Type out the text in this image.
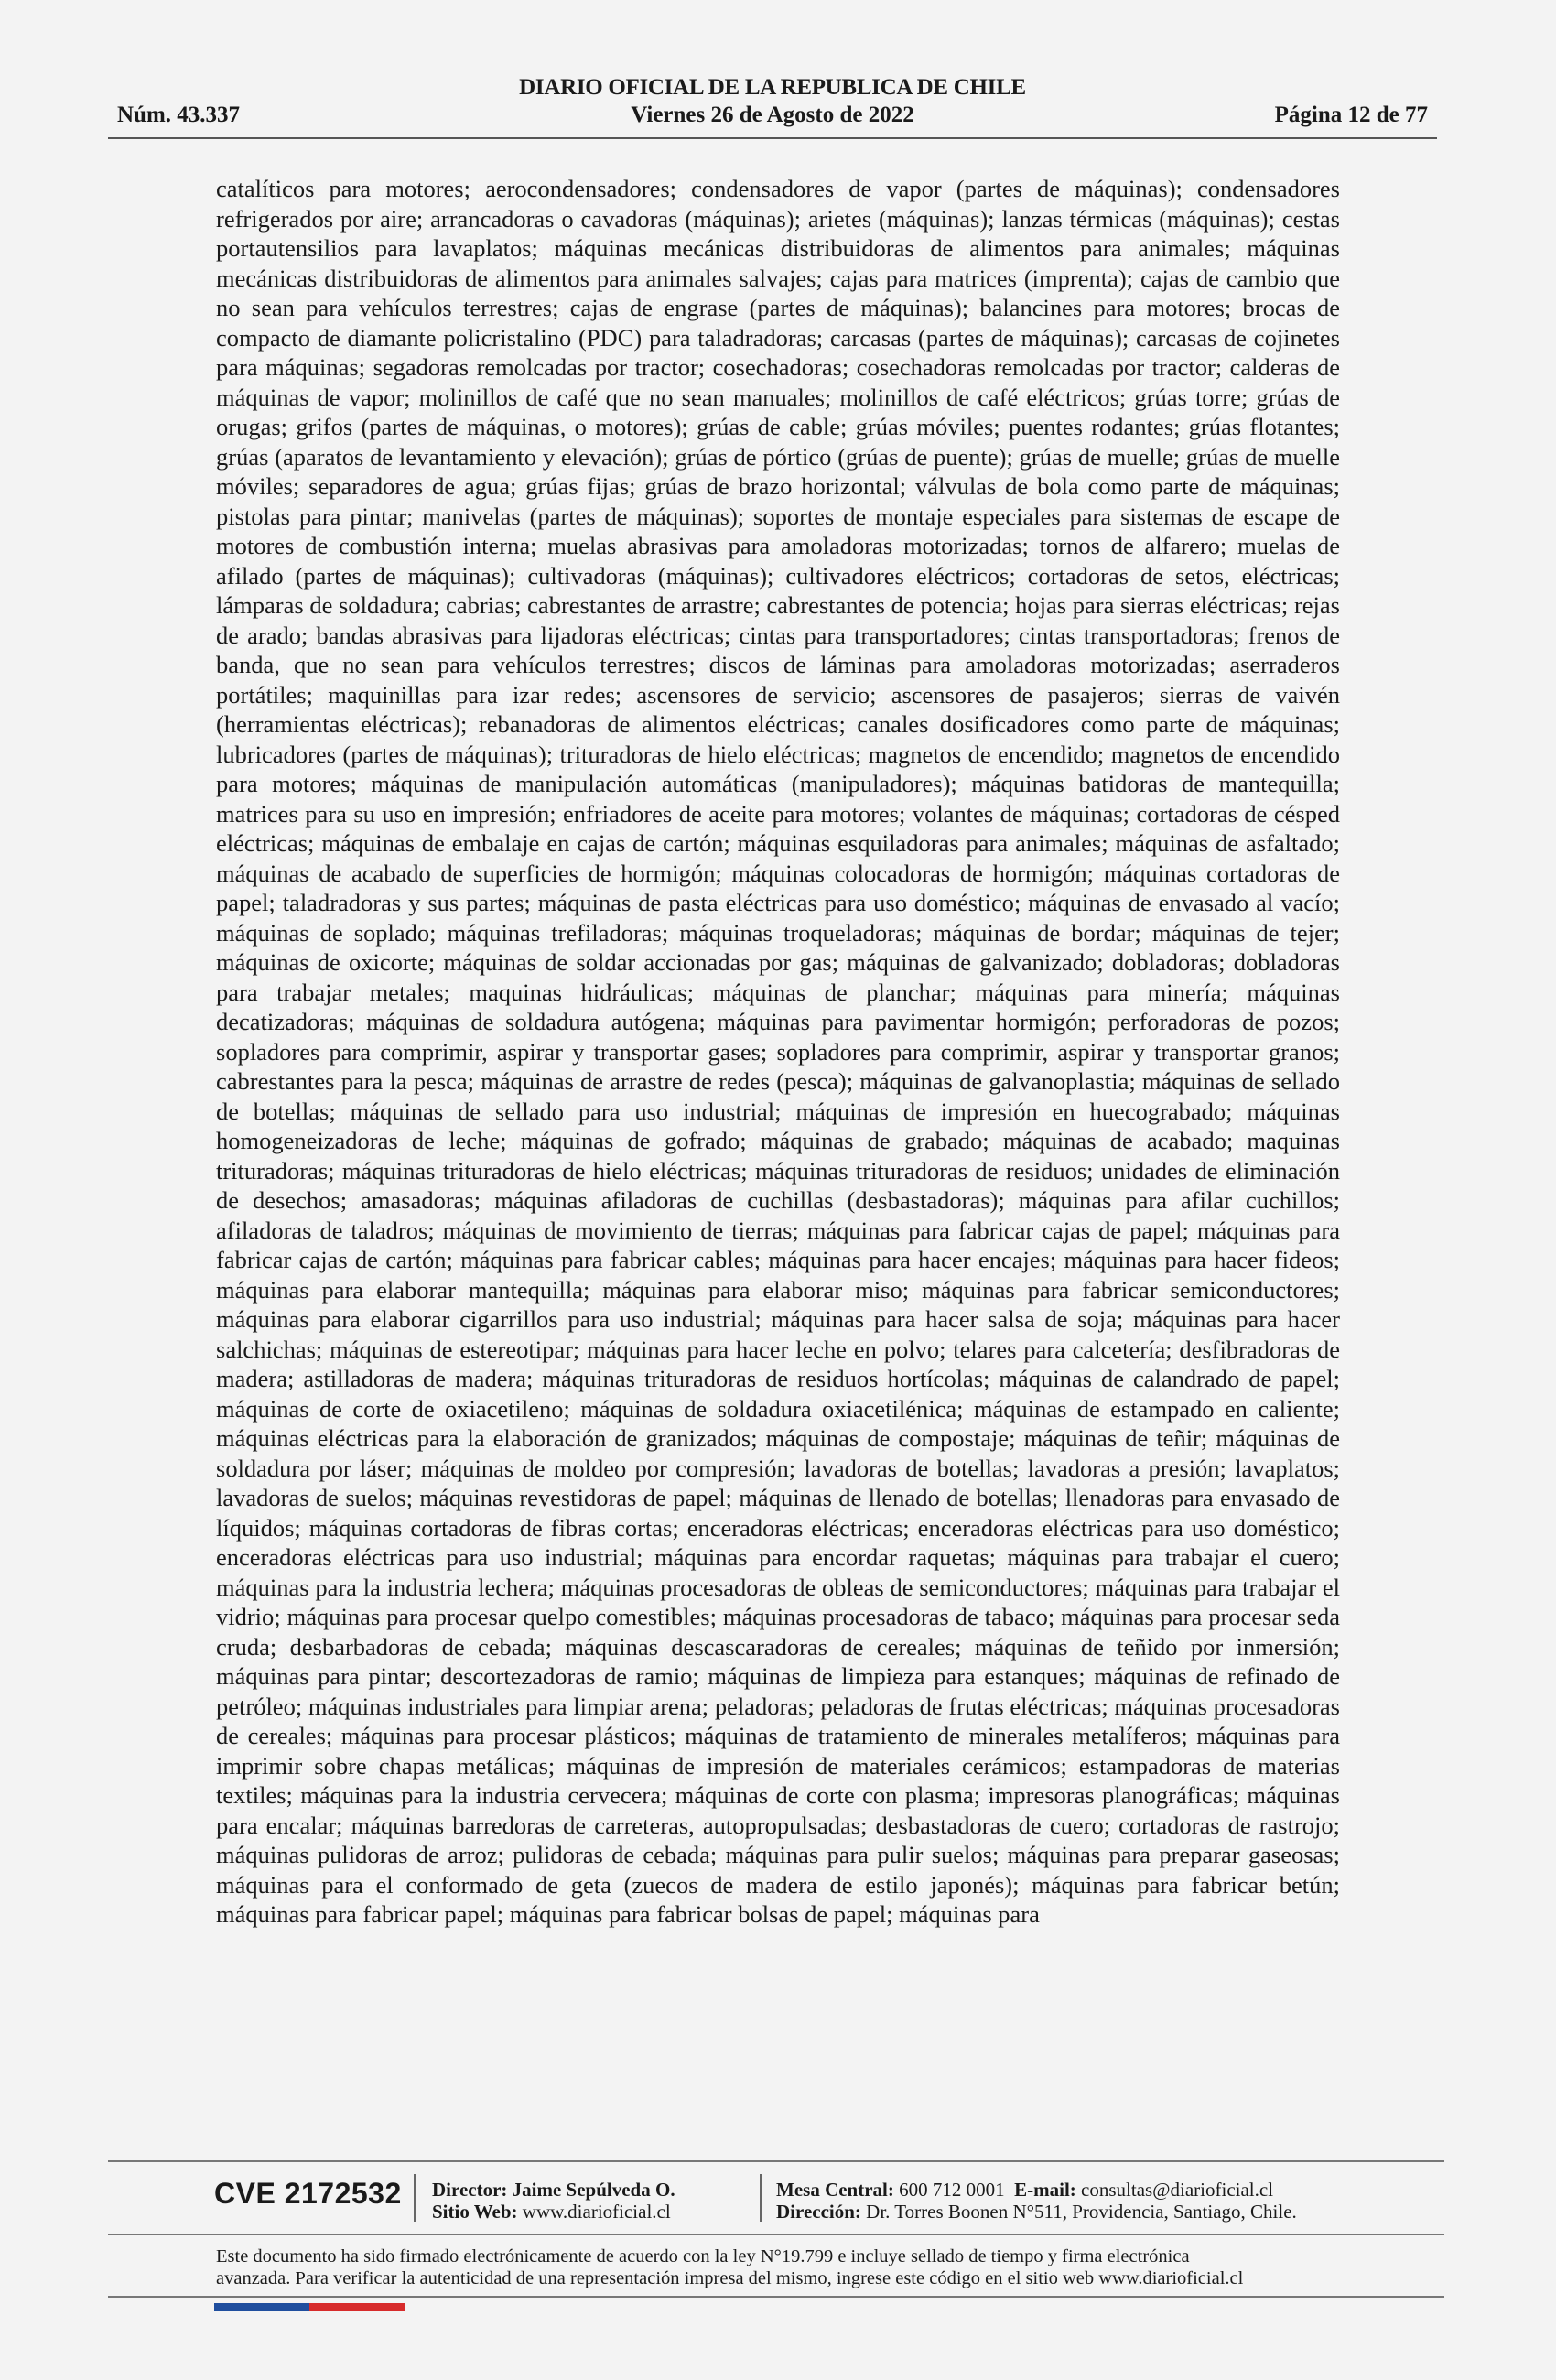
DIARIO OFICIAL DE LA REPUBLICA DE CHILE
Núm. 43.337	Viernes 26 de Agosto de 2022	Página 12 de 77

catalíticos para motores; aerocondensadores; condensadores de vapor (partes de máquinas); condensadores refrigerados por aire; arrancadoras o cavadoras (máquinas); arietes (máquinas); lanzas térmicas (máquinas); cestas portautensilios para lavaplatos; máquinas mecánicas distribuidoras de alimentos para animales; máquinas mecánicas distribuidoras de alimentos para animales salvajes; cajas para matrices (imprenta); cajas de cambio que no sean para vehículos terrestres; cajas de engrase (partes de máquinas); balancines para motores; brocas de compacto de diamante policristalino (PDC) para taladradoras; carcasas (partes de máquinas); carcasas de cojinetes para máquinas; segadoras remolcadas por tractor; cosechadoras; cosechadoras remolcadas por tractor; calderas de máquinas de vapor; molinillos de café que no sean manuales; molinillos de café eléctricos; grúas torre; grúas de orugas; grifos (partes de máquinas, o motores); grúas de cable; grúas móviles; puentes rodantes; grúas flotantes; grúas (aparatos de levantamiento y elevación); grúas de pórtico (grúas de puente); grúas de muelle; grúas de muelle móviles; separadores de agua; grúas fijas; grúas de brazo horizontal; válvulas de bola como parte de máquinas; pistolas para pintar; manivelas (partes de máquinas); soportes de montaje especiales para sistemas de escape de motores de combustión interna; muelas abrasivas para amoladoras motorizadas; tornos de alfarero; muelas de afilado (partes de máquinas); cultivadoras (máquinas); cultivadores eléctricos; cortadoras de setos, eléctricas; lámparas de soldadura; cabrias; cabrestantes de arrastre; cabrestantes de potencia; hojas para sierras eléctricas; rejas de arado; bandas abrasivas para lijadoras eléctricas; cintas para transportadores; cintas transportadoras; frenos de banda, que no sean para vehículos terrestres; discos de láminas para amoladoras motorizadas; aserraderos portátiles; maquinillas para izar redes; ascensores de servicio; ascensores de pasajeros; sierras de vaivén (herramientas eléctricas); rebanadoras de alimentos eléctricas; canales dosificadores como parte de máquinas; lubricadores (partes de máquinas); trituradoras de hielo eléctricas; magnetos de encendido; magnetos de encendido para motores; máquinas de manipulación automáticas (manipuladores); máquinas batidoras de mantequilla; matrices para su uso en impresión; enfriadores de aceite para motores; volantes de máquinas; cortadoras de césped eléctricas; máquinas de embalaje en cajas de cartón; máquinas esquiladoras para animales; máquinas de asfaltado; máquinas de acabado de superficies de hormigón; máquinas colocadoras de hormigón; máquinas cortadoras de papel; taladradoras y sus partes; máquinas de pasta eléctricas para uso doméstico; máquinas de envasado al vacío; máquinas de soplado; máquinas trefiladoras; máquinas troqueladoras; máquinas de bordar; máquinas de tejer; máquinas de oxicorte; máquinas de soldar accionadas por gas; máquinas de galvanizado; dobladoras; dobladoras para trabajar metales; maquinas hidráulicas; máquinas de planchar; máquinas para minería; máquinas decatizadoras; máquinas de soldadura autógena; máquinas para pavimentar hormigón; perforadoras de pozos; sopladores para comprimir, aspirar y transportar gases; sopladores para comprimir, aspirar y transportar granos; cabrestantes para la pesca; máquinas de arrastre de redes (pesca); máquinas de galvanoplastia; máquinas de sellado de botellas; máquinas de sellado para uso industrial; máquinas de impresión en huecograbado; máquinas homogeneizadoras de leche; máquinas de gofrado; máquinas de grabado; máquinas de acabado; maquinas trituradoras; máquinas trituradoras de hielo eléctricas; máquinas trituradoras de residuos; unidades de eliminación de desechos; amasadoras; máquinas afiladoras de cuchillas (desbastadoras); máquinas para afilar cuchillos; afiladoras de taladros; máquinas de movimiento de tierras; máquinas para fabricar cajas de papel; máquinas para fabricar cajas de cartón; máquinas para fabricar cables; máquinas para hacer encajes; máquinas para hacer fideos; máquinas para elaborar mantequilla; máquinas para elaborar miso; máquinas para fabricar semiconductores; máquinas para elaborar cigarrillos para uso industrial; máquinas para hacer salsa de soja; máquinas para hacer salchichas; máquinas de estereotipar; máquinas para hacer leche en polvo; telares para calcetería; desfibradoras de madera; astilladoras de madera; máquinas trituradoras de residuos hortícolas; máquinas de calandrado de papel; máquinas de corte de oxiacetileno; máquinas de soldadura oxiacetilénica; máquinas de estampado en caliente; máquinas eléctricas para la elaboración de granizados; máquinas de compostaje; máquinas de teñir; máquinas de soldadura por láser; máquinas de moldeo por compresión; lavadoras de botellas; lavadoras a presión; lavaplatos; lavadoras de suelos; máquinas revestidoras de papel; máquinas de llenado de botellas; llenadoras para envasado de líquidos; máquinas cortadoras de fibras cortas; enceradoras eléctricas; enceradoras eléctricas para uso doméstico; enceradoras eléctricas para uso industrial; máquinas para encordar raquetas; máquinas para trabajar el cuero; máquinas para la industria lechera; máquinas procesadoras de obleas de semiconductores; máquinas para trabajar el vidrio; máquinas para procesar quelpo comestibles; máquinas procesadoras de tabaco; máquinas para procesar seda cruda; desbarbadoras de cebada; máquinas descascaradoras de cereales; máquinas de teñido por inmersión; máquinas para pintar; descortezadoras de ramio; máquinas de limpieza para estanques; máquinas de refinado de petróleo; máquinas industriales para limpiar arena; peladoras; peladoras de frutas eléctricas; máquinas procesadoras de cereales; máquinas para procesar plásticos; máquinas de tratamiento de minerales metalíferos; máquinas para imprimir sobre chapas metálicas; máquinas de impresión de materiales cerámicos; estampadoras de materias textiles; máquinas para la industria cervecera; máquinas de corte con plasma; impresoras planográficas; máquinas para encalar; máquinas barredoras de carreteras, autopropulsadas; desbastadoras de cuero; cortadoras de rastrojo; máquinas pulidoras de arroz; pulidoras de cebada; máquinas para pulir suelos; máquinas para preparar gaseosas; máquinas para el conformado de geta (zuecos de madera de estilo japonés); máquinas para fabricar betún; máquinas para fabricar papel; máquinas para fabricar bolsas de papel; máquinas para

CVE 2172532 Director: Jaime Sepúlveda O.
Sitio Web: www.diarioficial.cl
Mesa Central: 600 712 0001 E-mail: consultas@diarioficial.cl
Dirección: Dr. Torres Boonen N°511, Providencia, Santiago, Chile.
Este documento ha sido firmado electrónicamente de acuerdo con la ley N°19.799 e incluye sellado de tiempo y firma electrónica
avanzada. Para verificar la autenticidad de una representación impresa del mismo, ingrese este código en el sitio web www.diarioficial.cl
